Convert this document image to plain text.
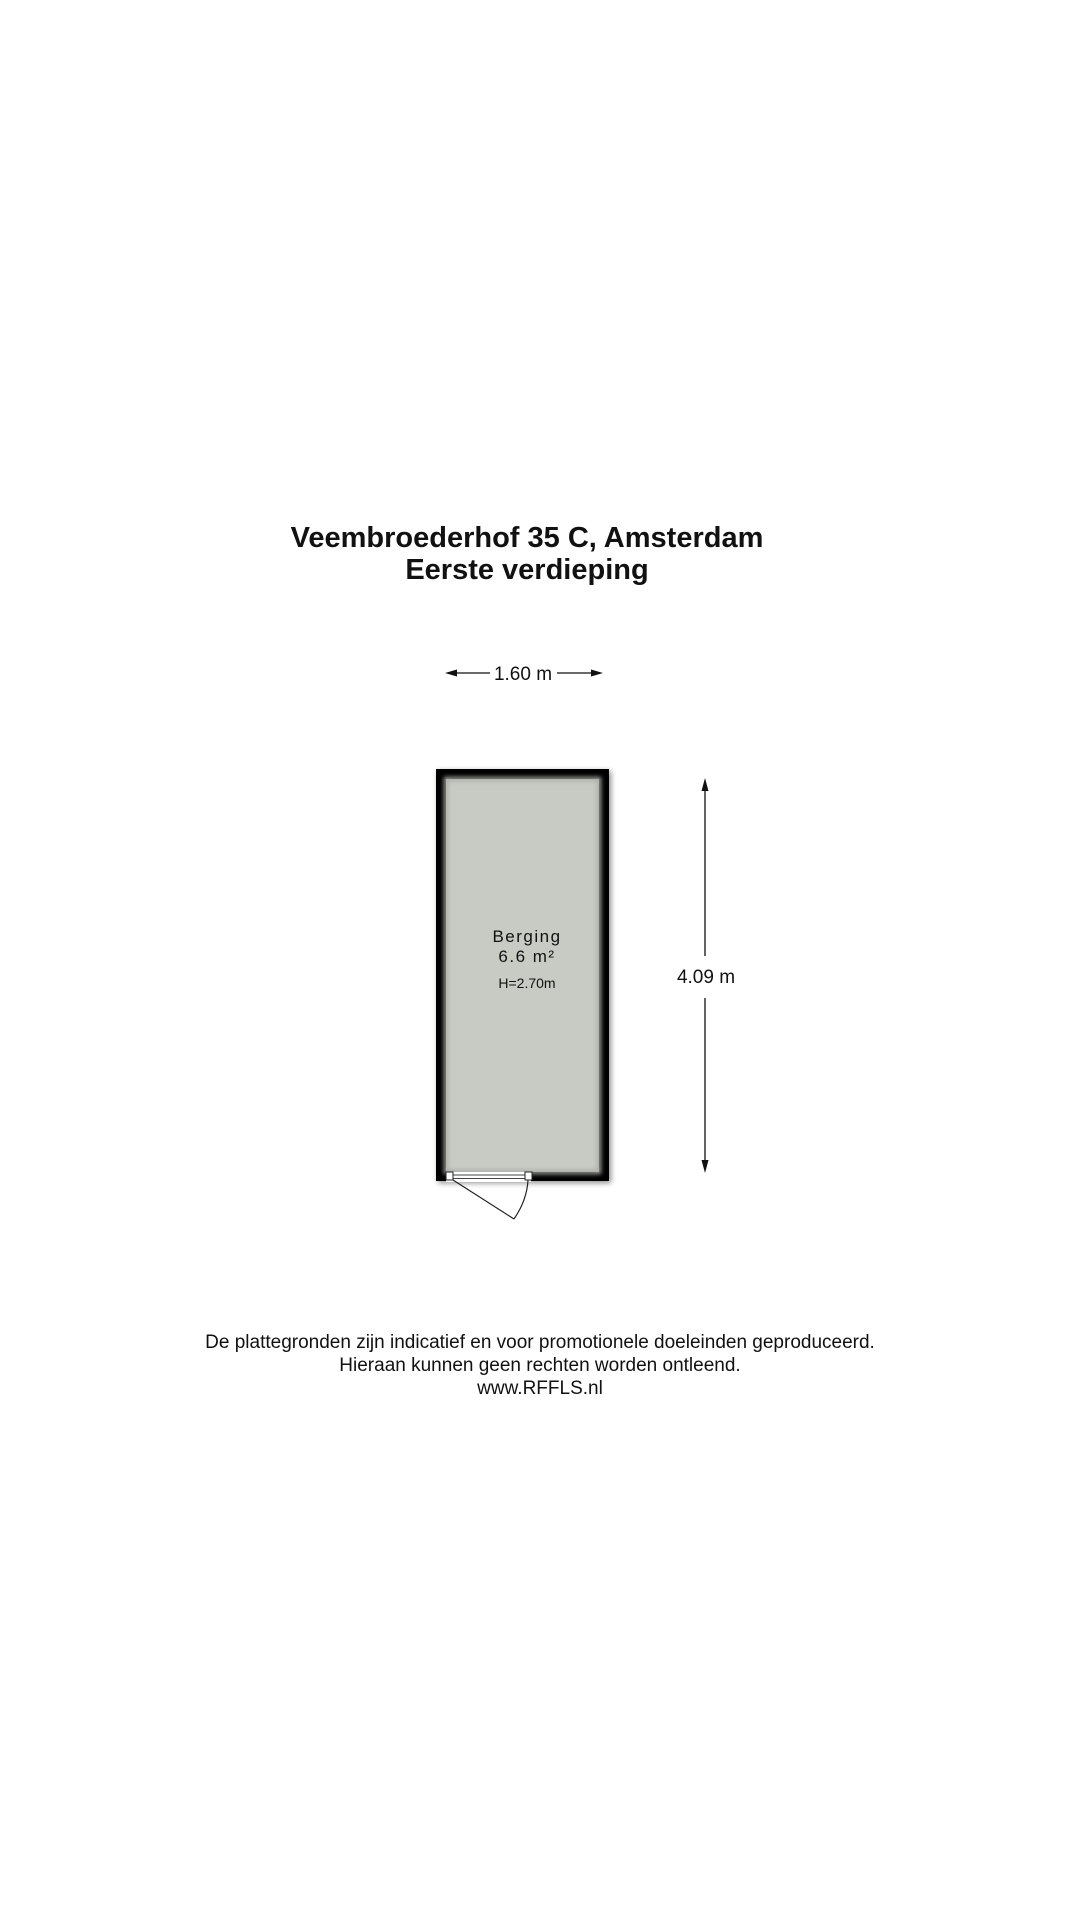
Veembroederhof 35 C, Amsterdam
Eerste verdieping
1.60 m
4.09 m
Berging
6.6 m²
H=2.70m
De plattegronden zijn indicatief en voor promotionele doeleinden geproduceerd.
Hieraan kunnen geen rechten worden ontleend.
www.RFFLS.nl
